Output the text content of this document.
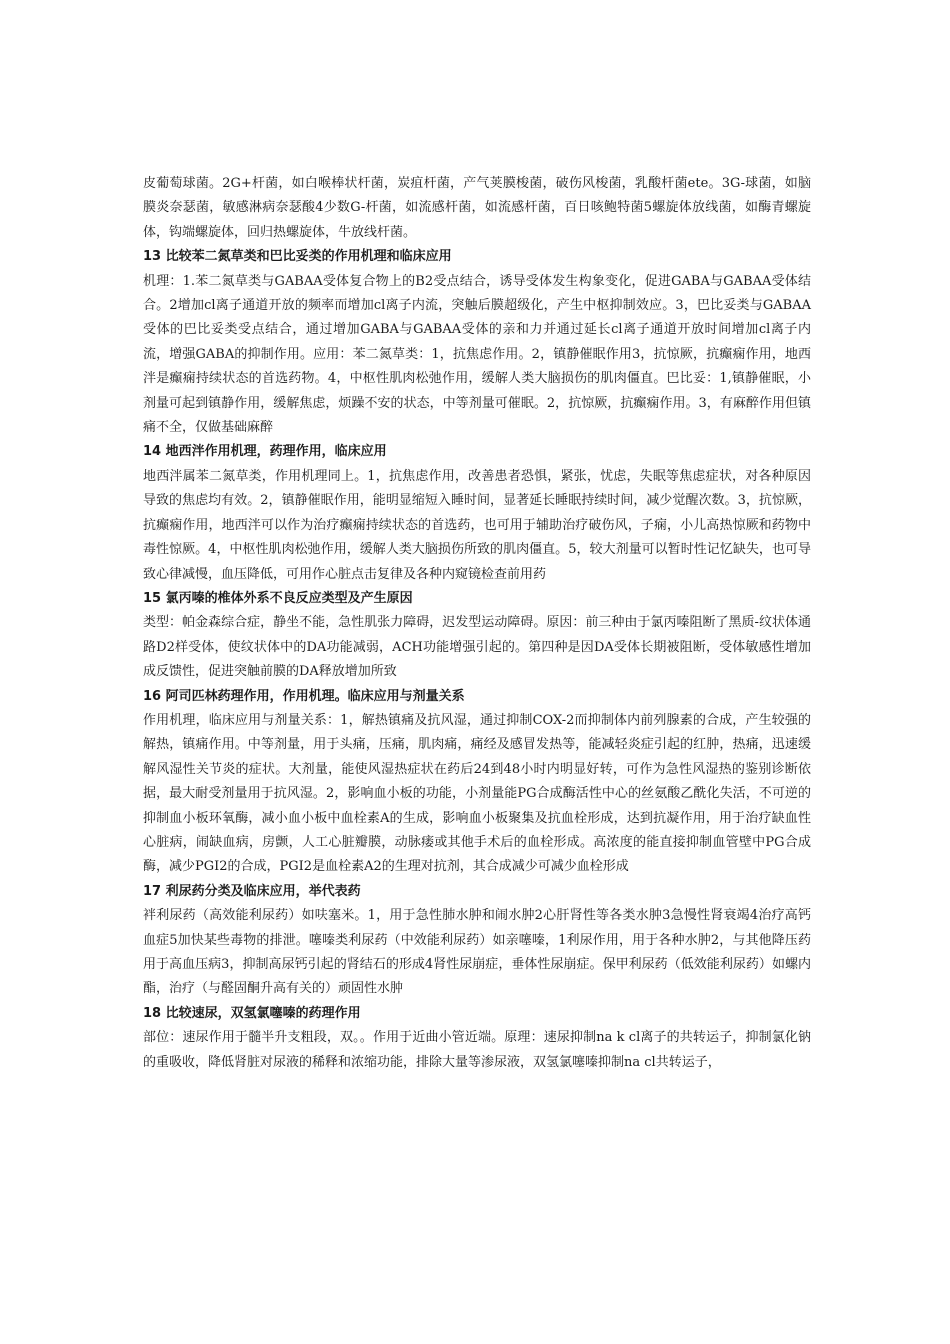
皮葡萄球菌。2G+杆菌，如白喉棒状杆菌，炭疽杆菌，产气荚膜梭菌，破伤风梭菌，乳酸杆菌ete。3G-球菌，如脑膜炎奈瑟菌，敏感淋病奈瑟酸4少数G-杆菌，如流感杆菌，如流感杆菌，百日咳鲍特菌5螺旋体放线菌，如酶青螺旋体，钩端螺旋体，回归热螺旋体，牛放线杆菌。

13 比较苯二氮草类和巴比妥类的作用机理和临床应用

机理：1.苯二氮草类与GABAA受体复合物上的B2受点结合，诱导受体发生构象变化，促进GABA与GABAA受体结合。2增加cl离子通道开放的频率而增加cl离子内流，突触后膜超级化，产生中枢抑制效应。3，巴比妥类与GABAA受体的巴比妥类受点结合，通过增加GABA与GABAA受体的亲和力并通过延长cl离子通道开放时间增加cl离子内流，增强GABA的抑制作用。应用：苯二氮草类：1，抗焦虑作用。2，镇静催眠作用3，抗惊厥，抗癫痫作用，地西泮是癫痫持续状态的首选药物。4，中枢性肌肉松弛作用，缓解人类大脑损伤的肌肉僵直。巴比妥：1,镇静催眠，小剂量可起到镇静作用，缓解焦虑，烦躁不安的状态，中等剂量可催眠。2，抗惊厥，抗癫痫作用。3，有麻醉作用但镇痛不全，仅做基础麻醉

14 地西泮作用机理，药理作用，临床应用

地西泮属苯二氮草类，作用机理同上。1，抗焦虑作用，改善患者恐惧，紧张，忧虑，失眠等焦虑症状，对各种原因导致的焦虑均有效。2，镇静催眠作用，能明显缩短入睡时间，显著延长睡眠持续时间，减少觉醒次数。3，抗惊厥，抗癫痫作用，地西泮可以作为治疗癫痫持续状态的首选药，也可用于辅助治疗破伤风，子痫，小儿高热惊厥和药物中毒性惊厥。4，中枢性肌肉松弛作用，缓解人类大脑损伤所致的肌肉僵直。5，较大剂量可以暂时性记忆缺失，也可导致心律减慢，血压降低，可用作心脏点击复律及各种内窥镜检查前用药

15 氯丙嗪的椎体外系不良反应类型及产生原因

类型：帕金森综合症，静坐不能，急性肌张力障碍，迟发型运动障碍。原因：前三种由于氯丙嗪阻断了黑质-纹状体通路D2样受体，使纹状体中的DA功能减弱，ACH功能增强引起的。第四种是因DA受体长期被阻断，受体敏感性增加成反馈性，促进突触前膜的DA释放增加所致

16 阿司匹林药理作用，作用机理。临床应用与剂量关系

作用机理，临床应用与剂量关系：1，解热镇痛及抗风湿，通过抑制COX-2而抑制体内前列腺素的合成，产生较强的解热，镇痛作用。中等剂量，用于头痛，压痛，肌肉痛，痛经及感冒发热等，能减轻炎症引起的红肿，热痛，迅速缓解风湿性关节炎的症状。大剂量，能使风湿热症状在药后24到48小时内明显好转，可作为急性风湿热的鉴别诊断依据，最大耐受剂量用于抗风湿。2，影响血小板的功能，小剂量能PG合成酶活性中心的丝氨酸乙酰化失活，不可逆的抑制血小板环氧酶，减小血小板中血栓素A的生成，影响血小板聚集及抗血栓形成，达到抗凝作用，用于治疗缺血性心脏病，闹缺血病，房颤，人工心脏瓣膜，动脉瘘或其他手术后的血栓形成。高浓度的能直接抑制血管壁中PG合成酶，减少PGI2的合成，PGI2是血栓素A2的生理对抗剂，其合成减少可减少血栓形成

17 利尿药分类及临床应用，举代表药

袢利尿药（高效能利尿药）如呋塞米。1，用于急性肺水肿和闹水肿2心肝肾性等各类水肿3急慢性肾衰竭4治疗高钙血症5加快某些毒物的排泄。噻嗪类利尿药（中效能利尿药）如亲噻嗪，1利尿作用，用于各种水肿2，与其他降压药用于高血压病3，抑制高尿钙引起的肾结石的形成4肾性尿崩症，垂体性尿崩症。保甲利尿药（低效能利尿药）如螺内酯，治疗（与醛固酮升高有关的）顽固性水肿

18 比较速尿，双氢氯噻嗪的药理作用

部位：速尿作用于髓半升支粗段，双。。作用于近曲小管近端。原理：速尿抑制na k cl离子的共转运子，抑制氯化钠的重吸收，降低肾脏对尿液的稀释和浓缩功能，排除大量等渗尿液，双氢氯噻嗪抑制na cl共转运子，
